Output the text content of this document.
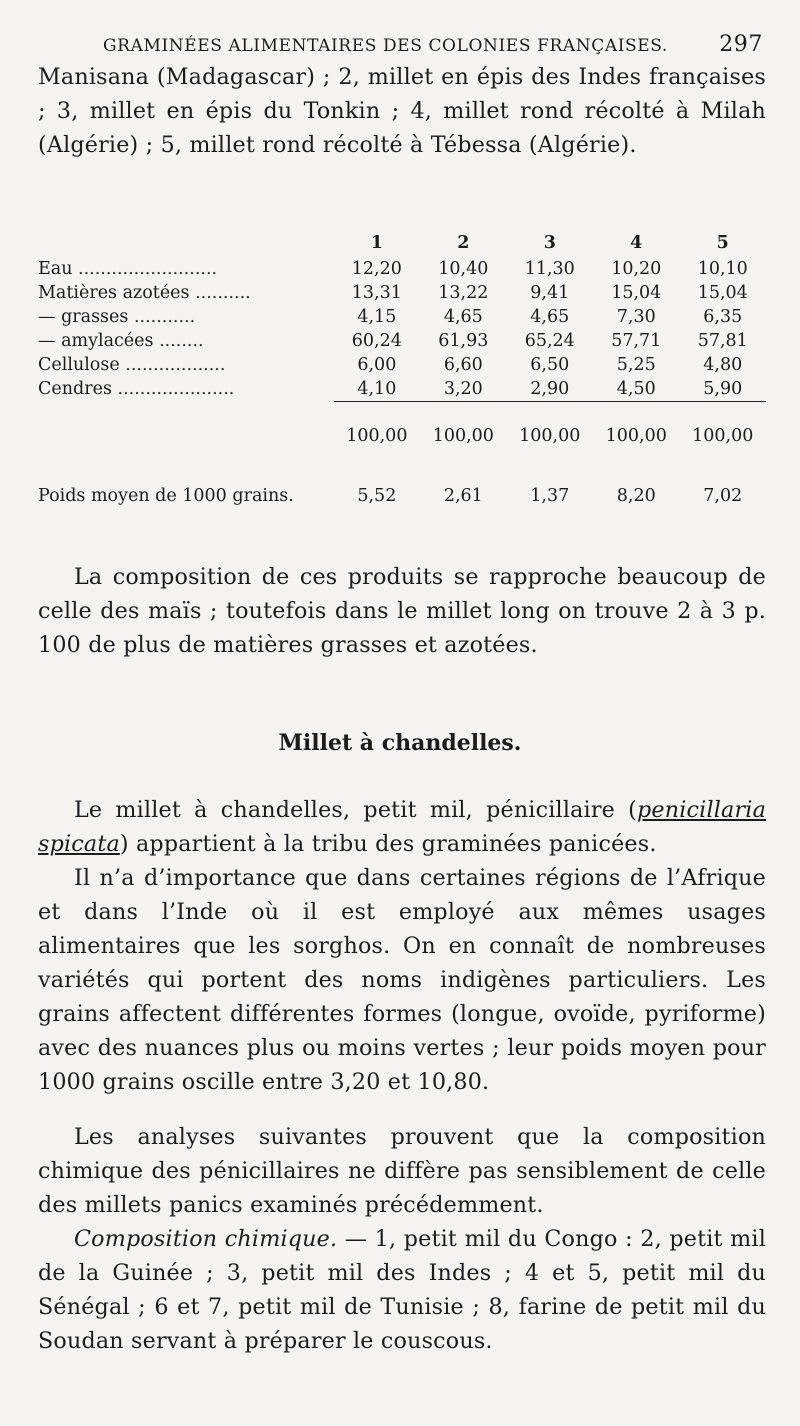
GRAMINÉES ALIMENTAIRES DES COLONIES FRANÇAISES. 297

Manisana (Madagascar) ; 2, millet en épis des Indes françaises ; 3, millet en épis du Tonkin ; 4, millet rond récolté à Milah (Algérie) ; 5, millet rond récolté à Tébessa (Algérie).

	1	2	3	4	5
Eau .........................	12,20	10,40	11,30	10,20	10,10
Matières azotées ..........	13,31	13,22	9,41	15,04	15,04
— grasses ...........	4,15	4,65	4,65	7,30	6,35
— amylacées ........	60,24	61,93	65,24	57,71	57,81
Cellulose ..................	6,00	6,60	6,50	5,25	4,80
Cendres .....................	4,10	3,20	2,90	4,50	5,90
	100,00	100,00	100,00	100,00	100,00

Poids moyen de 1000 grains.	5,52	2,61	1,37	8,20	7,02

La composition de ces produits se rapproche beaucoup de celle des maïs ; toutefois dans le millet long on trouve 2 à 3 p. 100 de plus de matières grasses et azotées.

Millet à chandelles.

Le millet à chandelles, petit mil, pénicillaire (penicillaria spicata) appartient à la tribu des graminées panicées.

Il n’a d’importance que dans certaines régions de l’Afrique et dans l’Inde où il est employé aux mêmes usages alimentaires que les sorghos. On en connaît de nombreuses variétés qui portent des noms indigènes particuliers. Les grains affectent différentes formes (longue, ovoïde, pyriforme) avec des nuances plus ou moins vertes ; leur poids moyen pour 1000 grains oscille entre 3,20 et 10,80.

Les analyses suivantes prouvent que la composition chimique des pénicillaires ne diffère pas sensiblement de celle des millets panics examinés précédemment.

Composition chimique. — 1, petit mil du Congo : 2, petit mil de la Guinée ; 3, petit mil des Indes ; 4 et 5, petit mil du Sénégal ; 6 et 7, petit mil de Tunisie ; 8, farine de petit mil du Soudan servant à préparer le couscous.
